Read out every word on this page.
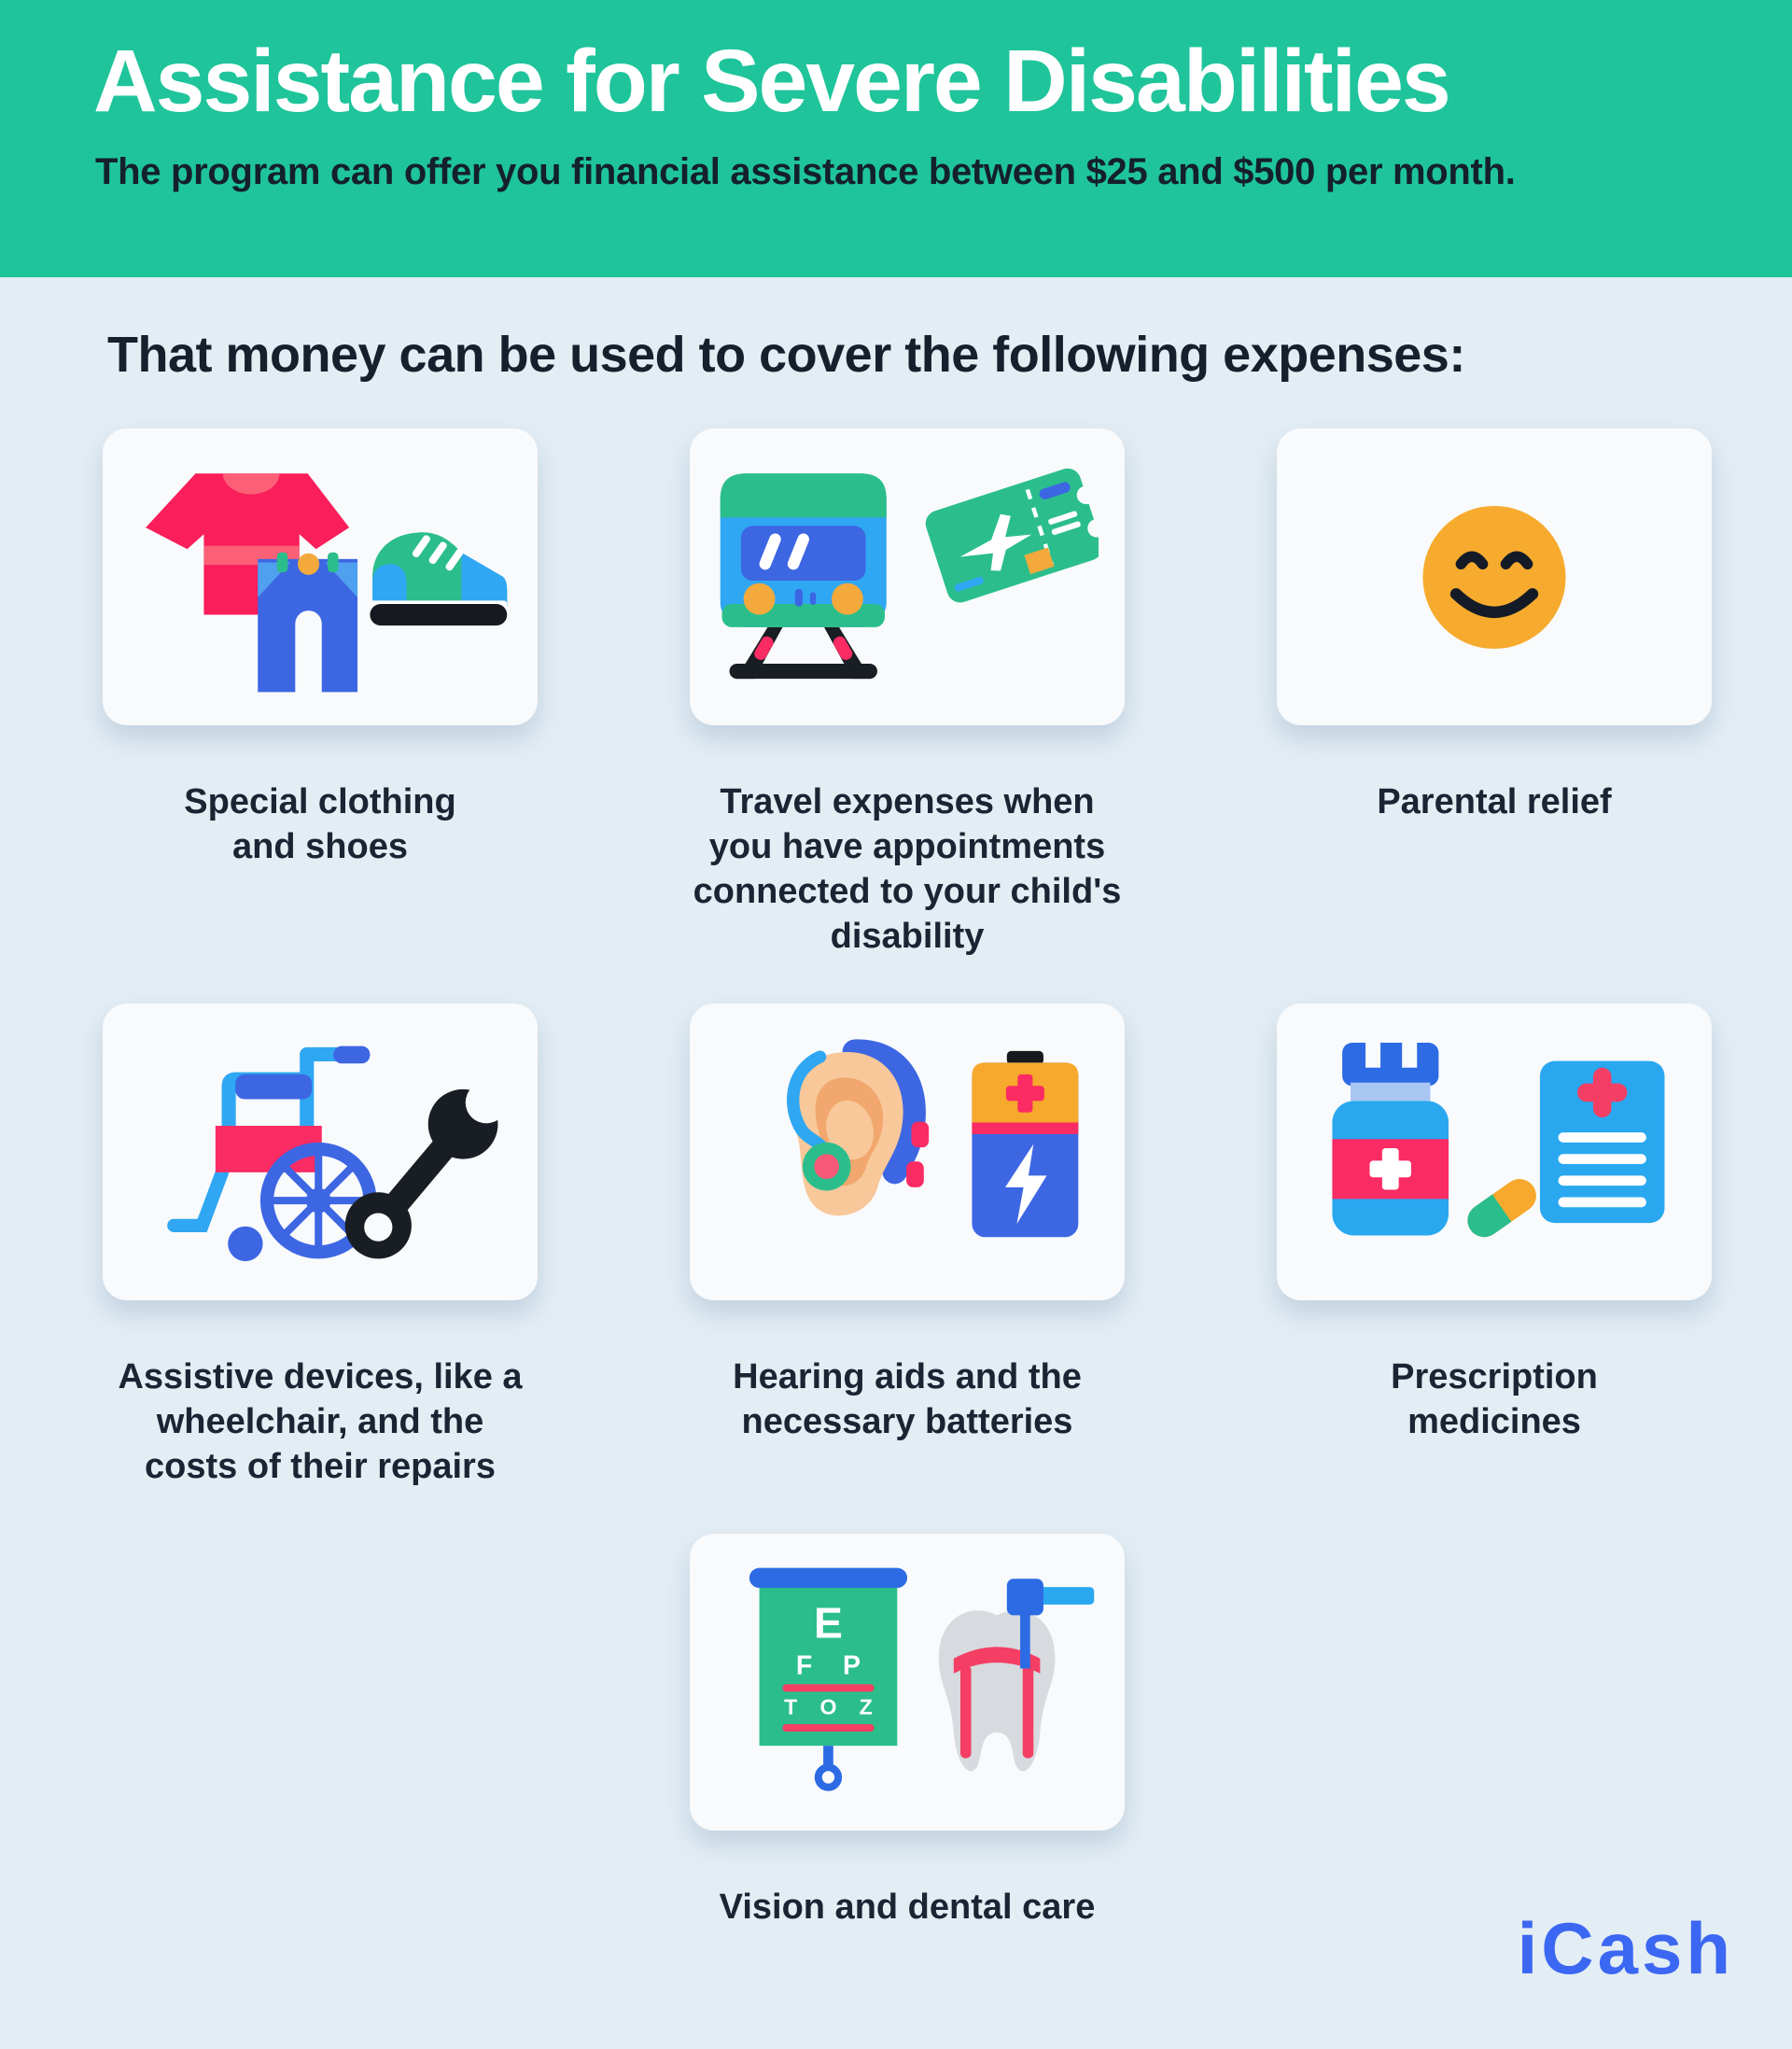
Assistance for Severe Disabilities
The program can offer you financial assistance between $25 and $500 per month.
That money can be used to cover the following expenses:
Special clothing
and shoes
Travel expenses when
you have appointments
connected to your child's
disability
Parental relief
Assistive devices, like a
wheelchair, and the
costs of their repairs
Hearing aids and the
necessary batteries
Prescription
medicines
E
F P
T O Z
Vision and dental care	iCash
